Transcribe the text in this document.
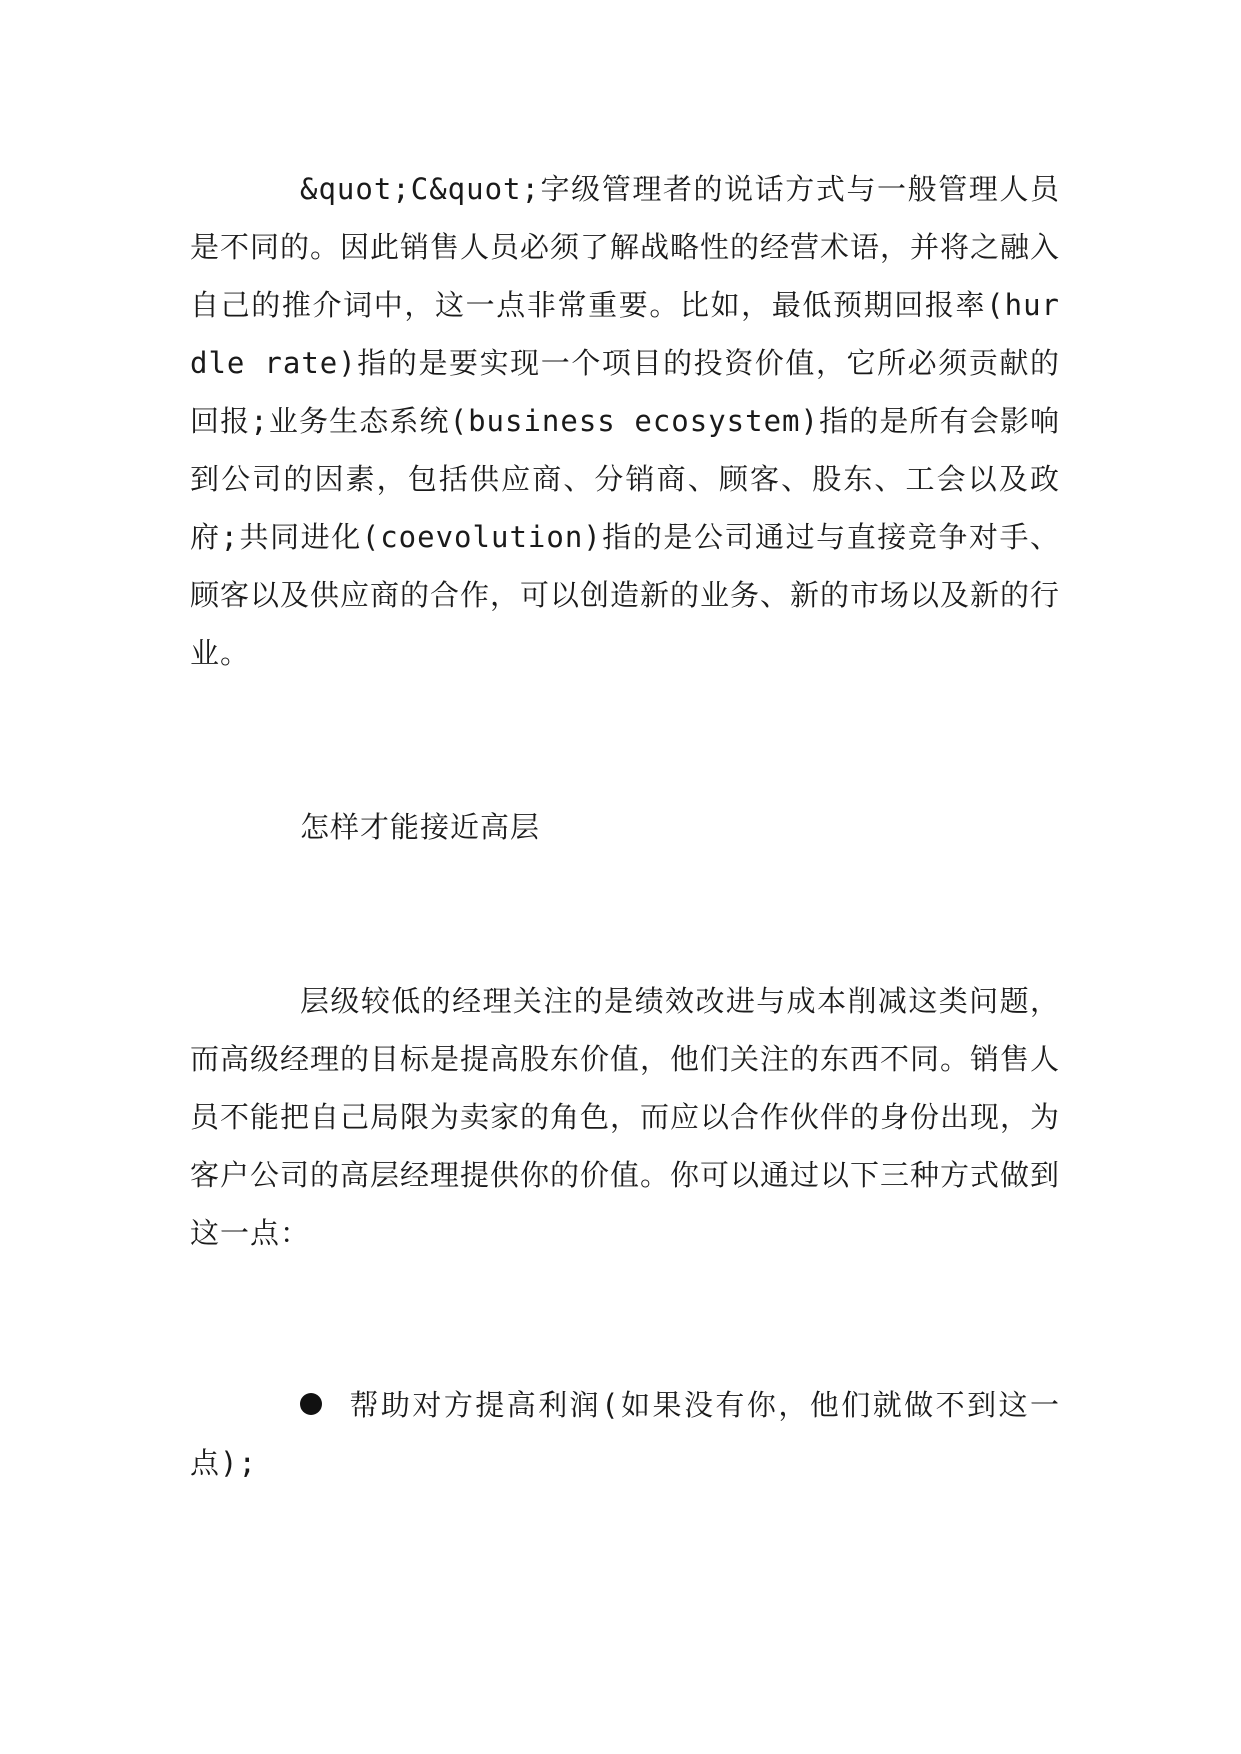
&quot;C&quot;字级管理者的说话方式与一般管理人员是不同的。因此销售人员必须了解战略性的经营术语，并将之融入自己的推介词中，这一点非常重要。比如，最低预期回报率(hurdle rate)指的是要实现一个项目的投资价值，它所必须贡献的回报;业务生态系统(business ecosystem)指的是所有会影响到公司的因素，包括供应商、分销商、顾客、股东、工会以及政府;共同进化(coevolution)指的是公司通过与直接竞争对手、顾客以及供应商的合作，可以创造新的业务、新的市场以及新的行业。

怎样才能接近高层

层级较低的经理关注的是绩效改进与成本削减这类问题，而高级经理的目标是提高股东价值，他们关注的东西不同。销售人员不能把自己局限为卖家的角色，而应以合作伙伴的身份出现，为客户公司的高层经理提供你的价值。你可以通过以下三种方式做到这一点：

帮助对方提高利润(如果没有你，他们就做不到这一点);
